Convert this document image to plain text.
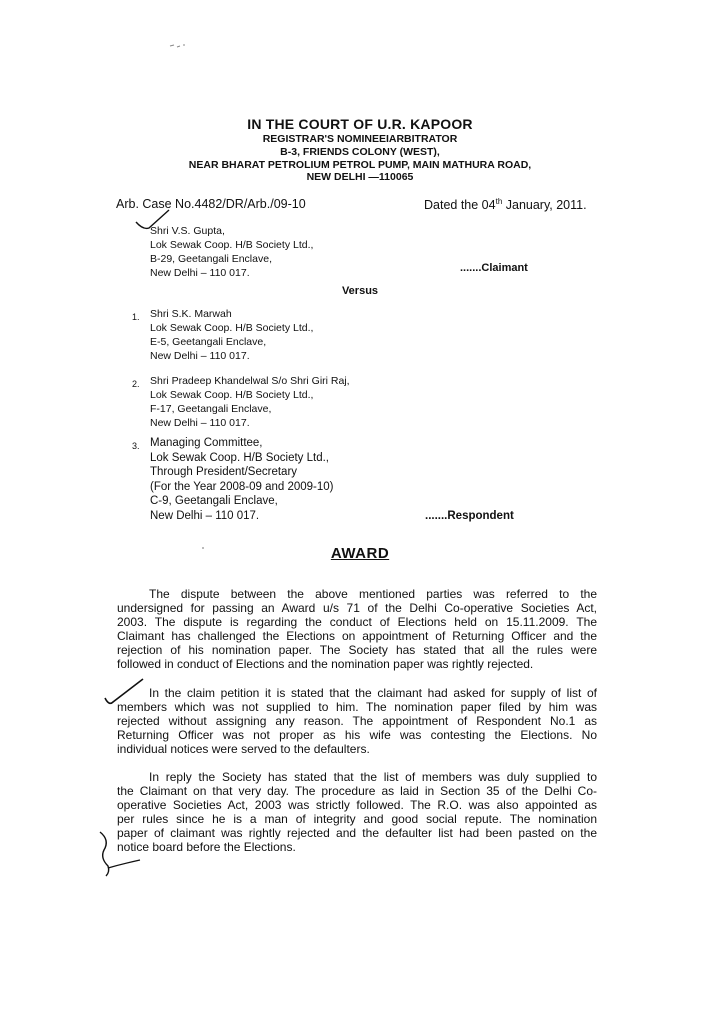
IN THE COURT OF U.R. KAPOOR
REGISTRAR'S NOMINEEIARBITRATOR
B-3, FRIENDS COLONY (WEST),
NEAR BHARAT PETROLIUM PETROL PUMP, MAIN MATHURA ROAD,
NEW DELHI —110065
Arb. Case No.4482/DR/Arb./09-10	Dated the 04th January, 2011.
Shri V.S. Gupta,
Lok Sewak Coop. H/B Society Ltd.,
B-29, Geetangali Enclave,
New Delhi – 110 017.	.......Claimant
Versus
1. Shri S.K. Marwah
Lok Sewak Coop. H/B Society Ltd.,
E-5, Geetangali Enclave,
New Delhi – 110 017.
2. Shri Pradeep Khandelwal S/o Shri Giri Raj,
Lok Sewak Coop. H/B Society Ltd.,
F-17, Geetangali Enclave,
New Delhi – 110 017.
3. Managing Committee,
Lok Sewak Coop. H/B Society Ltd.,
Through President/Secretary
(For the Year 2008-09 and 2009-10)
C-9, Geetangali Enclave,
New Delhi – 110 017.	.......Respondent
AWARD
The dispute between the above mentioned parties was referred to the
undersigned for passing an Award u/s 71 of the Delhi Co-operative Societies Act,
2003. The dispute is regarding the conduct of Elections held on 15.11.2009. The
Claimant has challenged the Elections on appointment of Returning Officer and the
rejection of his nomination paper. The Society has stated that all the rules were
followed in conduct of Elections and the nomination paper was rightly rejected.
In the claim petition it is stated that the claimant had asked for supply of list of
members which was not supplied to him. The nomination paper filed by him was
rejected without assigning any reason. The appointment of Respondent No.1 as
Returning Officer was not proper as his wife was contesting the Elections. No
individual notices were served to the defaulters.
In reply the Society has stated that the list of members was duly supplied to
the Claimant on that very day. The procedure as laid in Section 35 of the Delhi Co-
operative Societies Act, 2003 was strictly followed. The R.O. was also appointed as
per rules since he is a man of integrity and good social repute. The nomination
paper of claimant was rightly rejected and the defaulter list had been pasted on the
notice board before the Elections.
